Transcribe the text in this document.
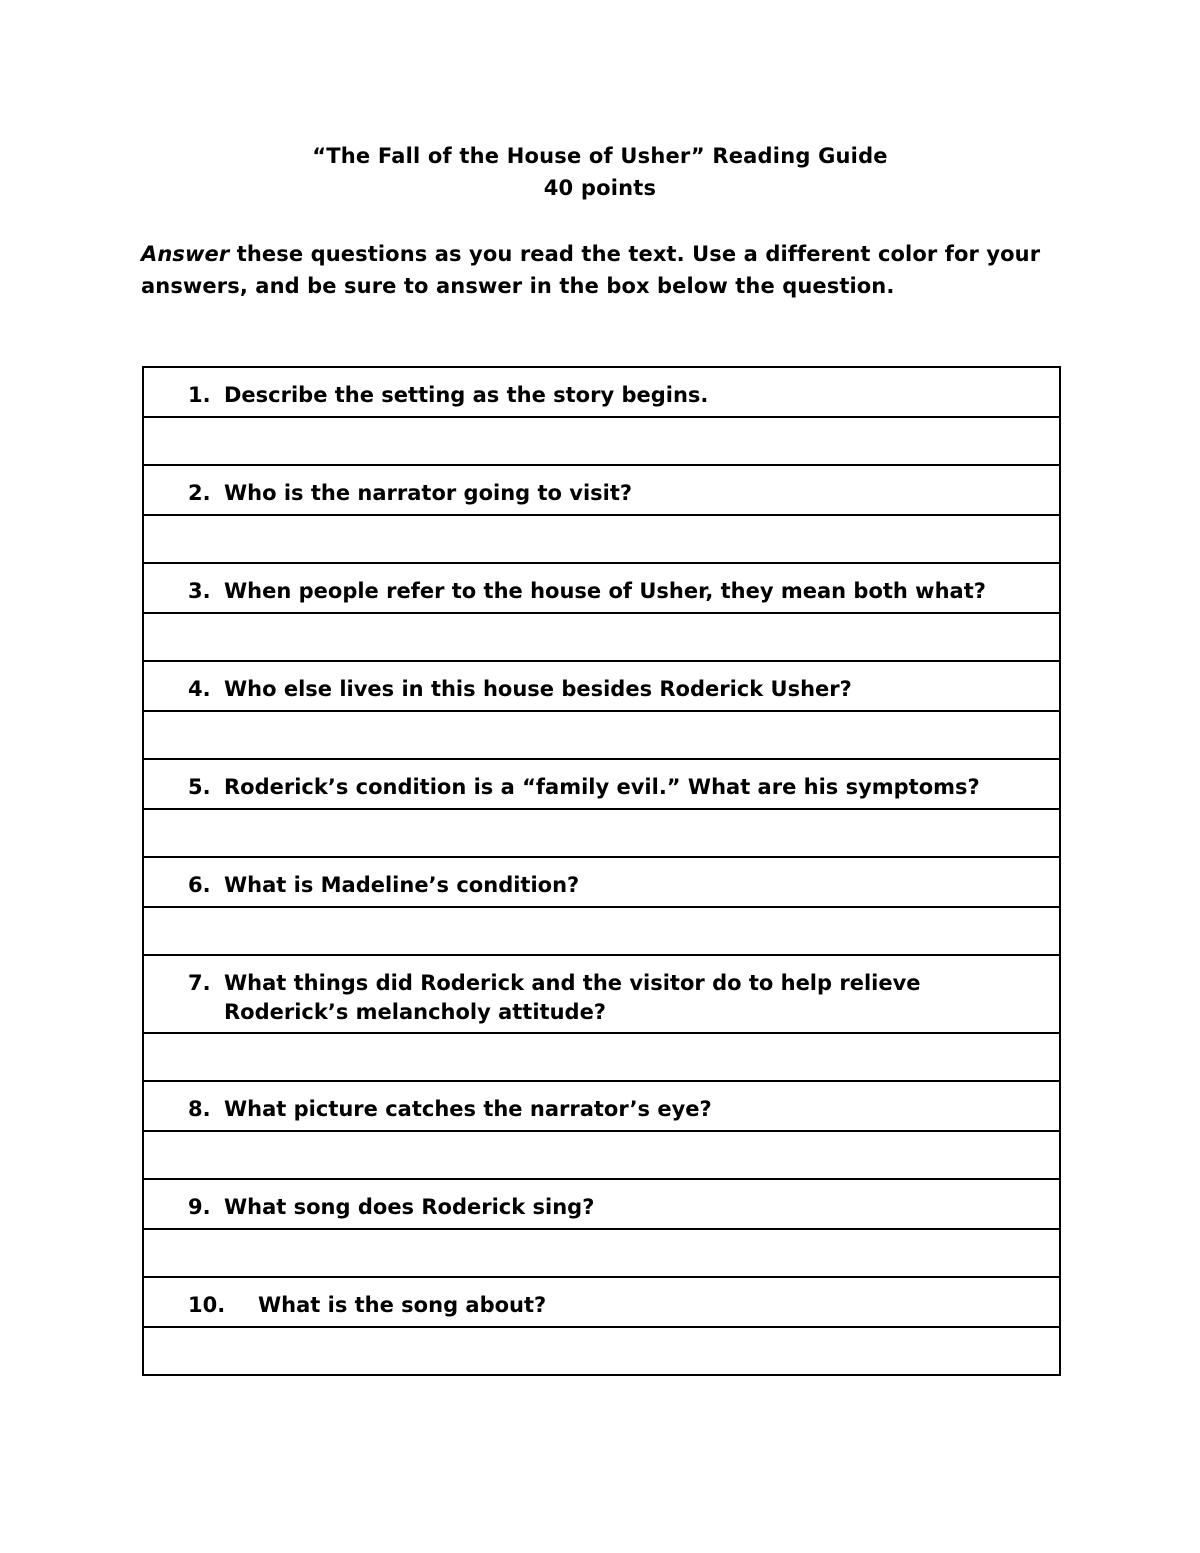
“The Fall of the House of Usher” Reading Guide
40 points
Answer these questions as you read the text. Use a different color for your answers, and be sure to answer in the box below the question.
1. Describe the setting as the story begins.

2. Who is the narrator going to visit?

3. When people refer to the house of Usher, they mean both what?

4. Who else lives in this house besides Roderick Usher?

5. Roderick’s condition is a “family evil.” What are his symptoms?

6. What is Madeline’s condition?

7. What things did Roderick and the visitor do to help relieve Roderick’s melancholy attitude?

8. What picture catches the narrator’s eye?

9. What song does Roderick sing?

10.	What is the song about?
